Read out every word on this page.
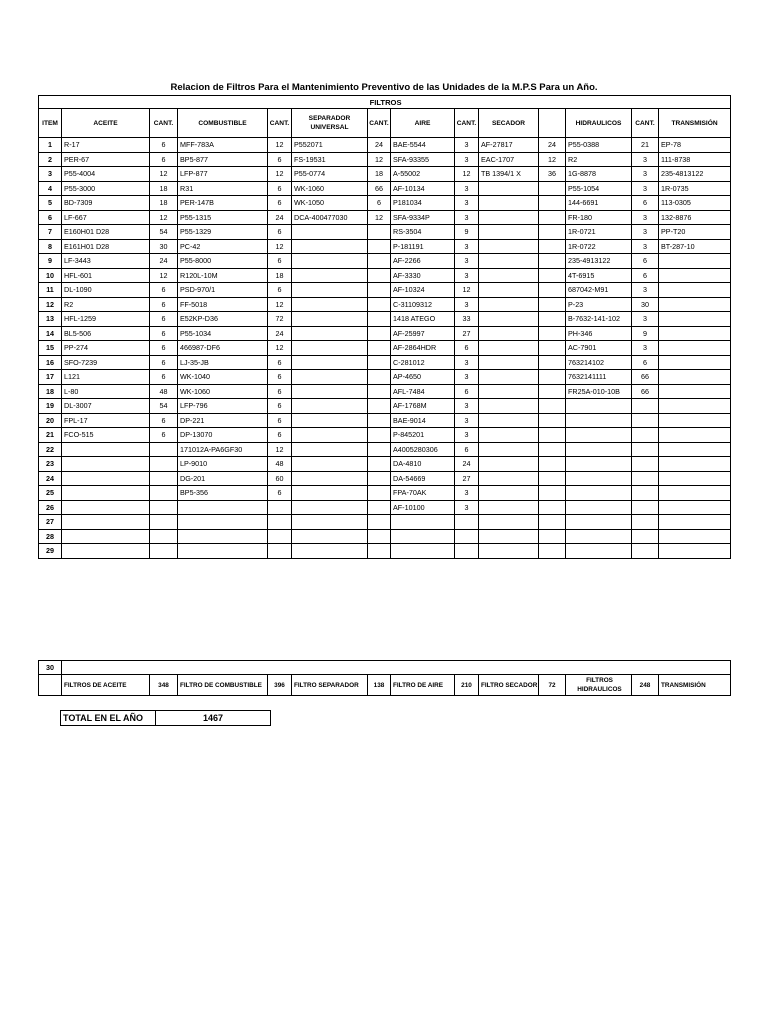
Relacion de Filtros Para el Mantenimiento Preventivo de las Unidades de la M.P.S Para un Año.
FILTROS													
ITEM	ACEITE	CANT.	COMBUSTIBLE	CANT.	SEPARADOR UNIVERSAL	CANT.	AIRE	CANT.	SECADOR		HIDRAULICOS	CANT.	TRANSMISIÓN
1	R-17	6	MFF-783A	12	P552071	24	BAE-5544	3	AF-27817	24	P55-0388	21	EP-78
2	PER-67	6	BP5-877	6	FS-19531	12	SFA-93355	3	EAC-1707	12	R2	3	111-8738
3	P55-4004	12	LFP-877	12	P55-0774	18	A-55002	12	TB 1394/1 X	36	1G-8878	3	235-4813122
4	P55-3000	18	R31	6	WK-1060	66	AF-10134	3			P55-1054	3	1R-0735
5	BD-7309	18	PER-147B	6	WK-1050	6	P181034	3			144-6691	6	113-0305
6	LF-667	12	P55-1315	24	DCA-400477030	12	SFA-9334P	3			FR-180	3	132-8876
7	E160H01 D28	54	P55-1329	6			RS-3504	9			1R-0721	3	PP-T20
8	E161H01 D28	30	PC-42	12			P-181191	3			1R-0722	3	BT-287-10
9	LF-3443	24	P55-8000	6			AF-2266	3			235-4913122	6	
10	HFL-601	12	R120L-10M	18			AF-3330	3			4T-6915	6	
11	DL-1090	6	PSD-970/1	6			AF-10324	12			687042-M91	3	
12	R2	6	FF-5018	12			C-31109312	3			P-23	30	
13	HFL-1259	6	E52KP-D36	72			1418 ATEGO	33			B-7632-141-102	3	
14	BL5-506	6	P55-1034	24			AF-25997	27			PH-346	9	
15	PP-274	6	466987-DF6	12			AF-2864HDR	6			AC-7901	3	
16	SFO-7239	6	LJ-35-JB	6			C-281012	3			763214102	6	
17	L121	6	WK-1040	6			AP-4650	3			7632141111	66	
18	L-80	48	WK-1060	6			AFL-7484	6			FR25A-010-10B	66	
19	DL-3007	54	LFP-796	6			AF-1768M	3					
20	FPL-17	6	DP-221	6			BAE-9014	3					
21	FCO-515	6	DP-13070	6			P-845201	3					
22			171012A-PA6GF30	12			A4005280306	6					
23			LP-9010	48			DA-4810	24					
24			DG-201	60			DA-54669	27					
25			BP5-356	6			FPA-70AK	3					
26							AF-10100	3					
27													
28													
29													
30													
	FILTROS DE ACEITE	348	FILTRO DE COMBUSTIBLE	396	FILTRO SEPARADOR	138	FILTRO DE AIRE	210	FILTRO SECADOR	72	FILTROS HIDRAULICOS	248	TRANSMISIÓN
TOTAL EN EL AÑO	1467
